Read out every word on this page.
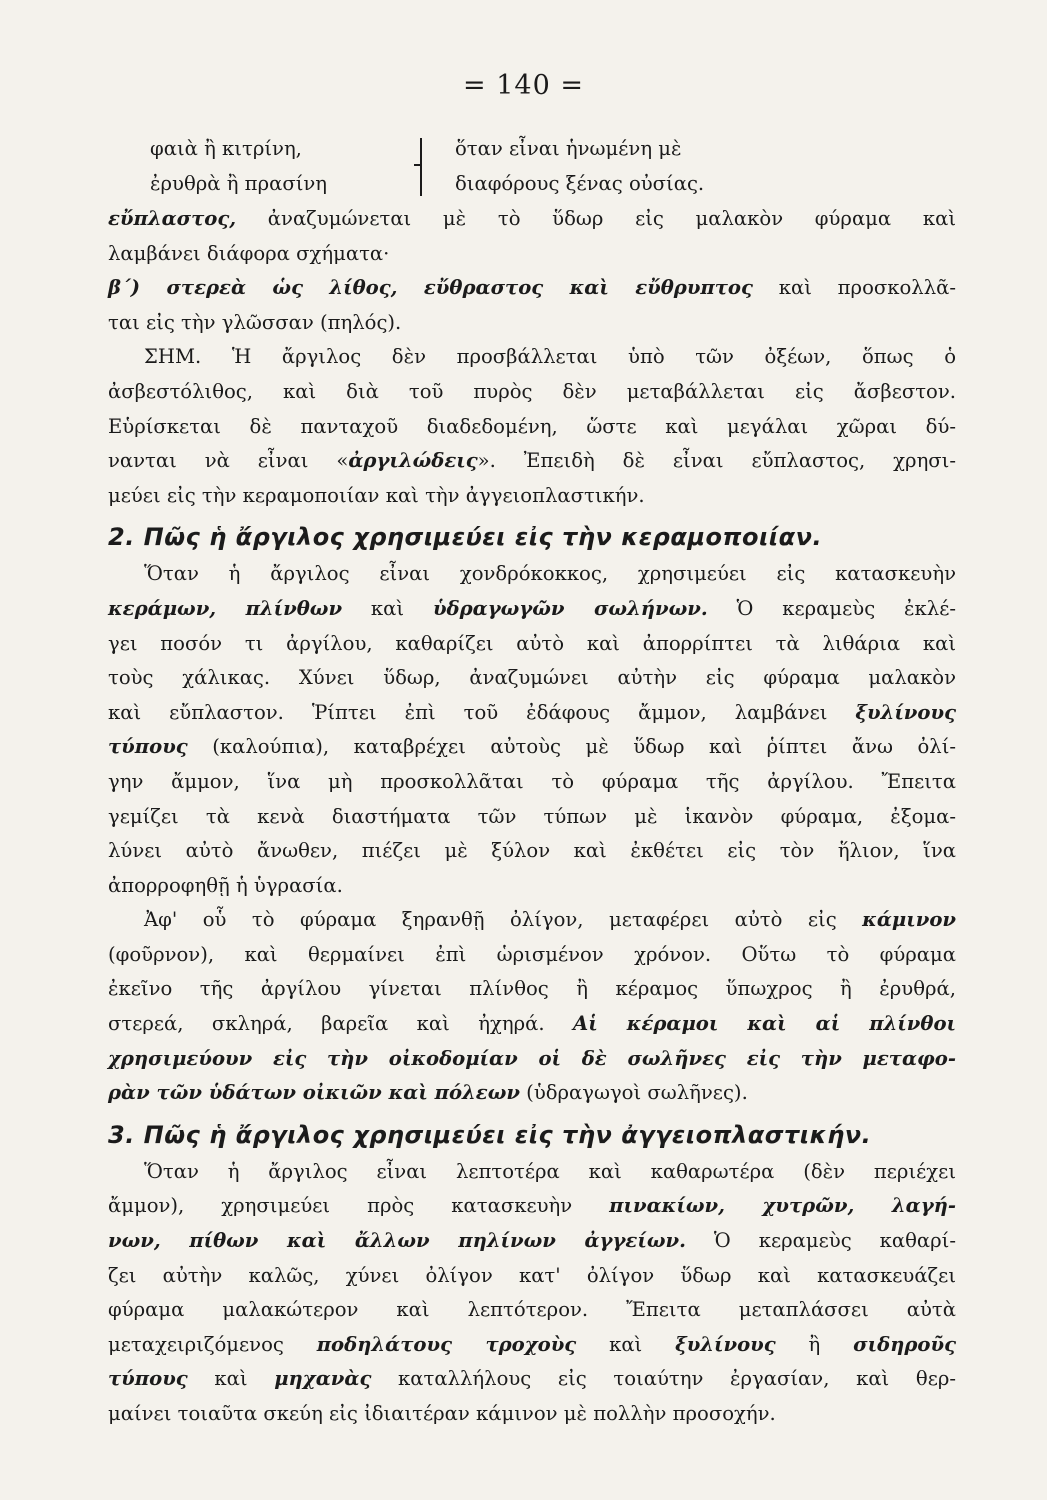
= 140 =
φαιὰ ἢ κιτρίνη,
ἐρυθρὰ ἢ πρασίνη
ὅταν εἶναι ἡνωμένη μὲ
διαφόρους ξένας οὐσίας.
εὔπλαστος, ἀναζυμώνεται μὲ τὸ ὕδωρ εἰς μαλακὸν φύραμα καὶ
λαμβάνει διάφορα σχήματα·
β΄) στερεὰ ὡς λίθος, εὔθραστος καὶ εὔθρυπτος καὶ προσκολλᾶ-
ται εἰς τὴν γλῶσσαν (πηλός).
ΣΗΜ. Ἡ ἄργιλος δὲν προσβάλλεται ὑπὸ τῶν ὀξέων, ὅπως ὁ
ἀσβεστόλιθος, καὶ διὰ τοῦ πυρὸς δὲν μεταβάλλεται εἰς ἄσβεστον.
Εὑρίσκεται δὲ πανταχοῦ διαδεδομένη, ὥστε καὶ μεγάλαι χῶραι δύ-
νανται νὰ εἶναι «ἀργιλώδεις». Ἐπειδὴ δὲ εἶναι εὔπλαστος, χρησι-
μεύει εἰς τὴν κεραμοποιίαν καὶ τὴν ἀγγειοπλαστικήν.
2. Πῶς ἡ ἄργιλος χρησιμεύει εἰς τὴν κεραμοποιίαν.
Ὅταν ἡ ἄργιλος εἶναι χονδρόκοκκος, χρησιμεύει εἰς κατασκευὴν
κεράμων, πλίνθων καὶ ὑδραγωγῶν σωλήνων. Ὁ κεραμεὺς ἐκλέ-
γει ποσόν τι ἀργίλου, καθαρίζει αὐτὸ καὶ ἀπορρίπτει τὰ λιθάρια καὶ
τοὺς χάλικας. Χύνει ὕδωρ, ἀναζυμώνει αὐτὴν εἰς φύραμα μαλακὸν
καὶ εὔπλαστον. Ῥίπτει ἐπὶ τοῦ ἐδάφους ἄμμον, λαμβάνει ξυλίνους
τύπους (καλούπια), καταβρέχει αὐτοὺς μὲ ὕδωρ καὶ ῥίπτει ἄνω ὀλί-
γην ἄμμον, ἵνα μὴ προσκολλᾶται τὸ φύραμα τῆς ἀργίλου. Ἔπειτα
γεμίζει τὰ κενὰ διαστήματα τῶν τύπων μὲ ἱκανὸν φύραμα, ἐξομα-
λύνει αὐτὸ ἄνωθεν, πιέζει μὲ ξύλον καὶ ἐκθέτει εἰς τὸν ἥλιον, ἵνα
ἀπορροφηθῇ ἡ ὑγρασία.
Ἀφ' οὗ τὸ φύραμα ξηρανθῇ ὀλίγον, μεταφέρει αὐτὸ εἰς κάμινον
(φοῦρνον), καὶ θερμαίνει ἐπὶ ὡρισμένον χρόνον. Οὕτω τὸ φύραμα
ἐκεῖνο τῆς ἀργίλου γίνεται πλίνθος ἢ κέραμος ὕπωχρος ἢ ἐρυθρά,
στερεά, σκληρά, βαρεῖα καὶ ἠχηρά. Αἱ κέραμοι καὶ αἱ πλίνθοι
χρησιμεύουν εἰς τὴν οἰκοδομίαν οἱ δὲ σωλῆνες εἰς τὴν μεταφο-
ρὰν τῶν ὑδάτων οἰκιῶν καὶ πόλεων (ὑδραγωγοὶ σωλῆνες).
3. Πῶς ἡ ἄργιλος χρησιμεύει εἰς τὴν ἀγγειοπλαστικήν.
Ὅταν ἡ ἄργιλος εἶναι λεπτοτέρα καὶ καθαρωτέρα (δὲν περιέχει
ἄμμον), χρησιμεύει πρὸς κατασκευὴν πινακίων, χυτρῶν, λαγή-
νων, πίθων καὶ ἄλλων πηλίνων ἀγγείων. Ὁ κεραμεὺς καθαρί-
ζει αὐτὴν καλῶς, χύνει ὀλίγον κατ' ὀλίγον ὕδωρ καὶ κατασκευάζει
φύραμα μαλακώτερον καὶ λεπτότερον. Ἔπειτα μεταπλάσσει αὐτὰ
μεταχειριζόμενος ποδηλάτους τροχοὺς καὶ ξυλίνους ἢ σιδηροῦς
τύπους καὶ μηχανὰς καταλλήλους εἰς τοιαύτην ἐργασίαν, καὶ θερ-
μαίνει τοιαῦτα σκεύη εἰς ἰδιαιτέραν κάμινον μὲ πολλὴν προσοχήν.
